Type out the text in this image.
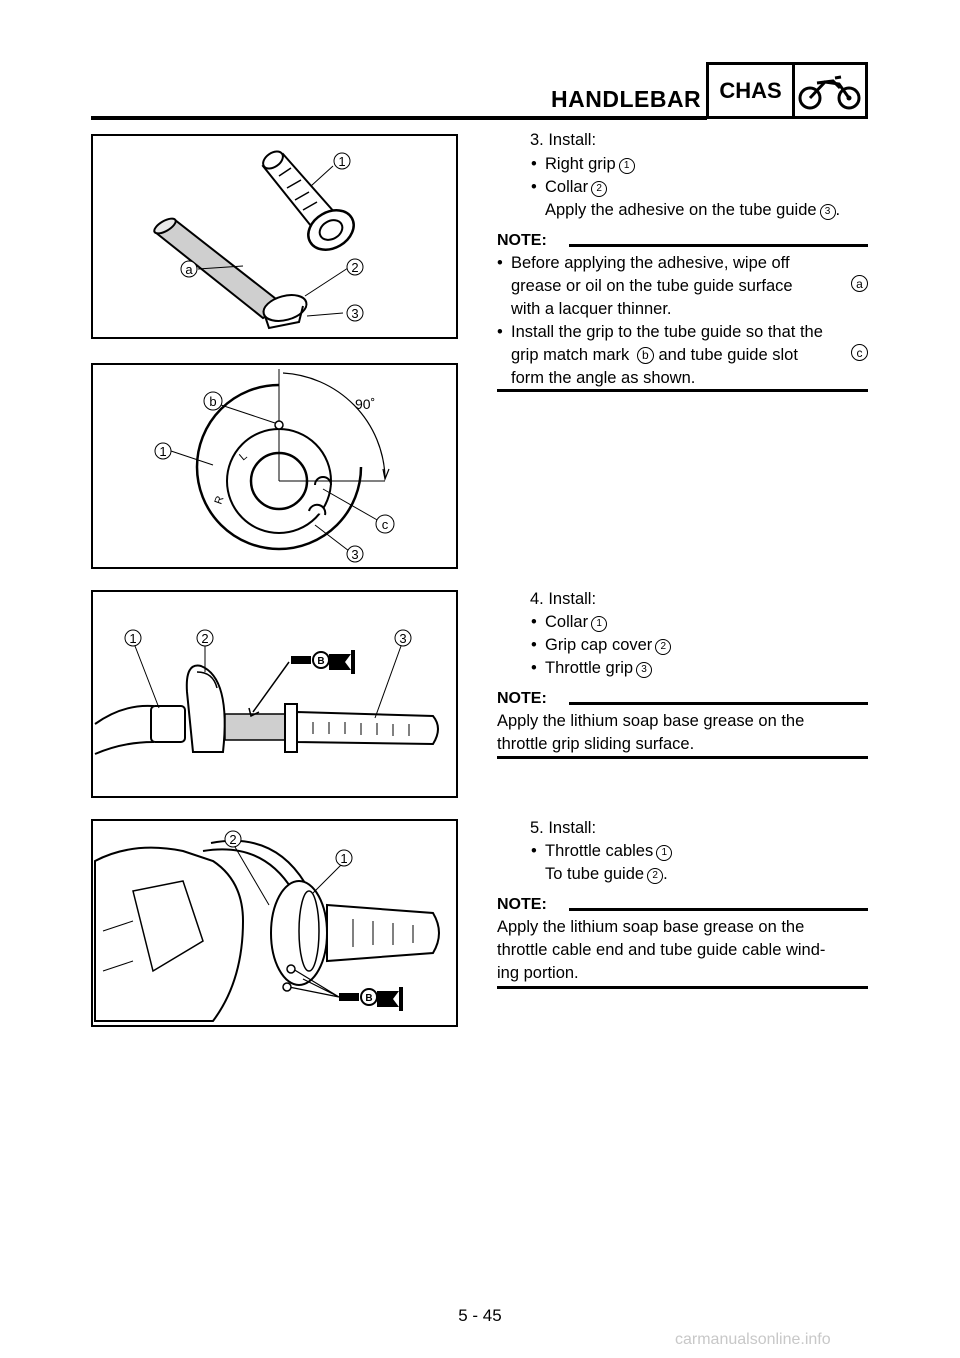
HANDLEBAR CHAS
1
a	2
3
90˚
L
R
b
1
c
3
B
1	2	3
B
2
1
3. Install:
• Right grip 1
• Collar 2
Apply the adhesive on the tube guide 3 .
NOTE:
• Before applying the adhesive, wipe off
grease or oil on the tube guide surface	a
with a lacquer thinner.
• Install the grip to the tube guide so that the
grip match mark b and tube guide slot	c
form the angle as shown.
4. Install:
• Collar 1
• Grip cap cover 2
• Throttle grip 3
NOTE:
Apply the lithium soap base grease on the
throttle grip sliding surface.
5. Install:
• Throttle cables 1
To tube guide 2 .
NOTE:
Apply the lithium soap base grease on the
throttle cable end and tube guide cable wind-
ing portion.
5 - 45
carmanualsonline.info
